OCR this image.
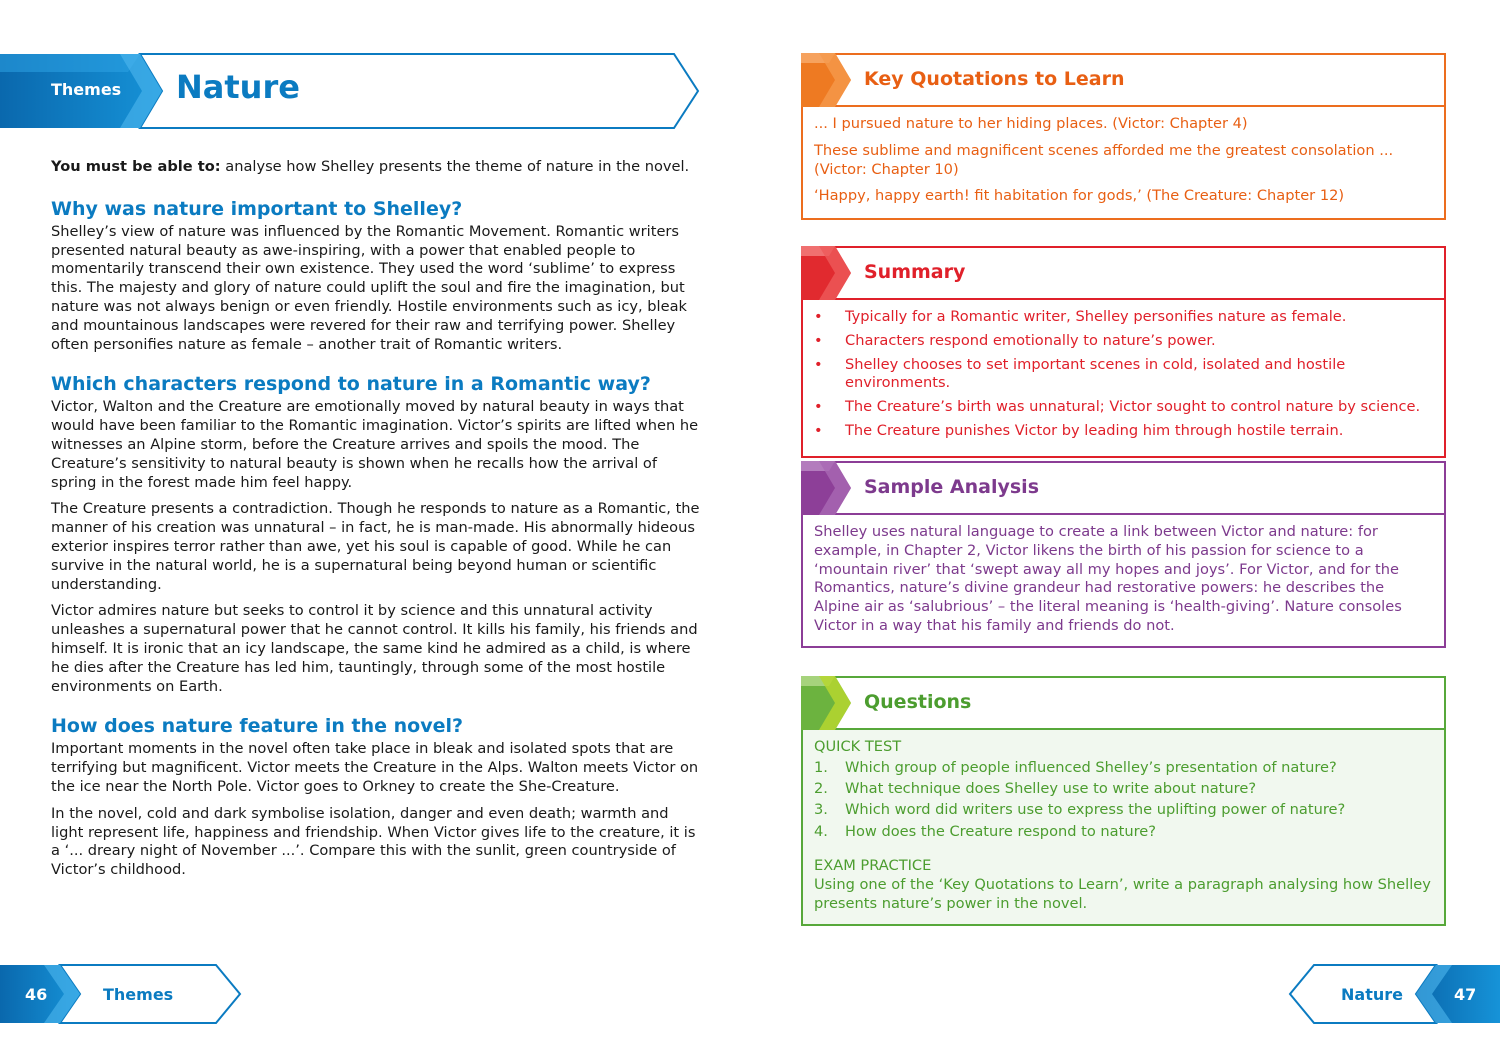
Themes Nature

You must be able to: analyse how Shelley presents the theme of nature in the novel.

Why was nature important to Shelley?

Shelley’s view of nature was influenced by the Romantic Movement. Romantic writers presented natural beauty as awe-inspiring, with a power that enabled people to momentarily transcend their own existence. They used the word ‘sublime’ to express this. The majesty and glory of nature could uplift the soul and fire the imagination, but nature was not always benign or even friendly. Hostile environments such as icy, bleak and mountainous landscapes were revered for their raw and terrifying power. Shelley often personifies nature as female – another trait of Romantic writers.

Which characters respond to nature in a Romantic way?

Victor, Walton and the Creature are emotionally moved by natural beauty in ways that would have been familiar to the Romantic imagination. Victor’s spirits are lifted when he witnesses an Alpine storm, before the Creature arrives and spoils the mood. The Creature’s sensitivity to natural beauty is shown when he recalls how the arrival of spring in the forest made him feel happy.

The Creature presents a contradiction. Though he responds to nature as a Romantic, the manner of his creation was unnatural – in fact, he is man-made. His abnormally hideous exterior inspires terror rather than awe, yet his soul is capable of good. While he can survive in the natural world, he is a supernatural being beyond human or scientific understanding.

Victor admires nature but seeks to control it by science and this unnatural activity unleashes a supernatural power that he cannot control. It kills his family, his friends and himself. It is ironic that an icy landscape, the same kind he admired as a child, is where he dies after the Creature has led him, tauntingly, through some of the most hostile environments on Earth.

How does nature feature in the novel?

Important moments in the novel often take place in bleak and isolated spots that are terrifying but magnificent. Victor meets the Creature in the Alps. Walton meets Victor on the ice near the North Pole. Victor goes to Orkney to create the She-Creature.

In the novel, cold and dark symbolise isolation, danger and even death; warmth and light represent life, happiness and friendship. When Victor gives life to the creature, it is a ‘... dreary night of November ...’. Compare this with the sunlit, green countryside of Victor’s childhood.

Key Quotations to Learn

... I pursued nature to her hiding places. (Victor: Chapter 4)

These sublime and magnificent scenes afforded me the greatest consolation ... (Victor: Chapter 10)

‘Happy, happy earth! fit habitation for gods,’ (The Creature: Chapter 12)

Summary
• Typically for a Romantic writer, Shelley personifies nature as female.
• Characters respond emotionally to nature’s power.
• Shelley chooses to set important scenes in cold, isolated and hostile environments.
• The Creature’s birth was unnatural; Victor sought to control nature by science.
• The Creature punishes Victor by leading him through hostile terrain.
Sample Analysis

Shelley uses natural language to create a link between Victor and nature: for example, in Chapter 2, Victor likens the birth of his passion for science to a ‘mountain river’ that ‘swept away all my hopes and joys’. For Victor, and for the Romantics, nature’s divine grandeur had restorative powers: he describes the Alpine air as ‘salubrious’ – the literal meaning is ‘health-giving’. Nature consoles Victor in a way that his family and friends do not.

Questions

QUICK TEST

1. Which group of people influenced Shelley’s presentation of nature?
2. What technique does Shelley use to write about nature?
3. Which word did writers use to express the uplifting power of nature?
4. How does the Creature respond to nature?

EXAM PRACTICE

Using one of the ‘Key Quotations to Learn’, write a paragraph analysing how Shelley presents nature’s power in the novel.

46	Themes	Nature	47
